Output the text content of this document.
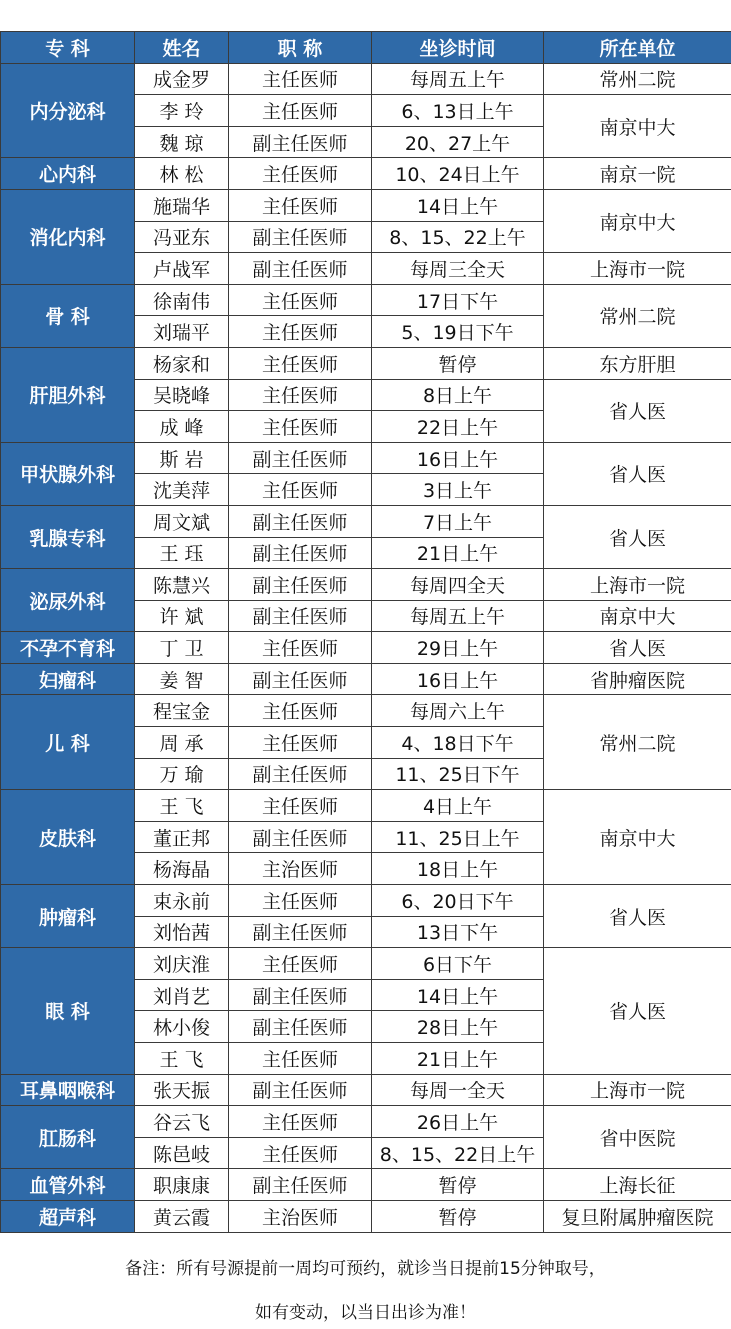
专 科	姓名	职 称	坐诊时间	所在单位
内分泌科	成金罗	主任医师	每周五上午	常州二院
	李 玲	主任医师	6、13日上午	南京中大
	魏 琼	副主任医师	20、27上午	
心内科	林 松	主任医师	10、24日上午	南京一院
消化内科	施瑞华	主任医师	14日上午	南京中大
	冯亚东	副主任医师	8、15、22上午	
	卢战军	副主任医师	每周三全天	上海市一院
骨 科	徐南伟	主任医师	17日下午	常州二院
	刘瑞平	主任医师	5、19日下午	
肝胆外科	杨家和	主任医师	暂停	东方肝胆
	吴晓峰	主任医师	8日上午	省人医
	成 峰	主任医师	22日上午	
甲状腺外科	斯 岩	副主任医师	16日上午	省人医
	沈美萍	主任医师	3日上午	
乳腺专科	周文斌	副主任医师	7日上午	省人医
	王 珏	副主任医师	21日上午	
泌尿外科	陈慧兴	副主任医师	每周四全天	上海市一院
	许 斌	副主任医师	每周五上午	南京中大
不孕不育科	丁 卫	主任医师	29日上午	省人医
妇瘤科	姜 智	副主任医师	16日上午	省肿瘤医院
儿 科	程宝金	主任医师	每周六上午	常州二院
	周 承	主任医师	4、18日下午	
	万 瑜	副主任医师	11、25日下午	
皮肤科	王 飞	主任医师	4日上午	南京中大
	董正邦	副主任医师	11、25日上午	
	杨海晶	主治医师	18日上午	
肿瘤科	束永前	主任医师	6、20日下午	省人医
	刘怡茜	副主任医师	13日下午	
眼 科	刘庆淮	主任医师	6日下午	省人医
	刘肖艺	副主任医师	14日上午	
	林小俊	副主任医师	28日上午	
	王 飞	主任医师	21日上午	
耳鼻咽喉科	张天振	副主任医师	每周一全天	上海市一院
肛肠科	谷云飞	主任医师	26日上午	省中医院
	陈邑岐	主任医师	8、15、22日上午	
血管外科	职康康	副主任医师	暂停	上海长征
超声科	黄云霞	主治医师	暂停	复旦附属肿瘤医院
备注：所有号源提前一周均可预约，就诊当日提前15分钟取号，
如有变动，以当日出诊为准！
